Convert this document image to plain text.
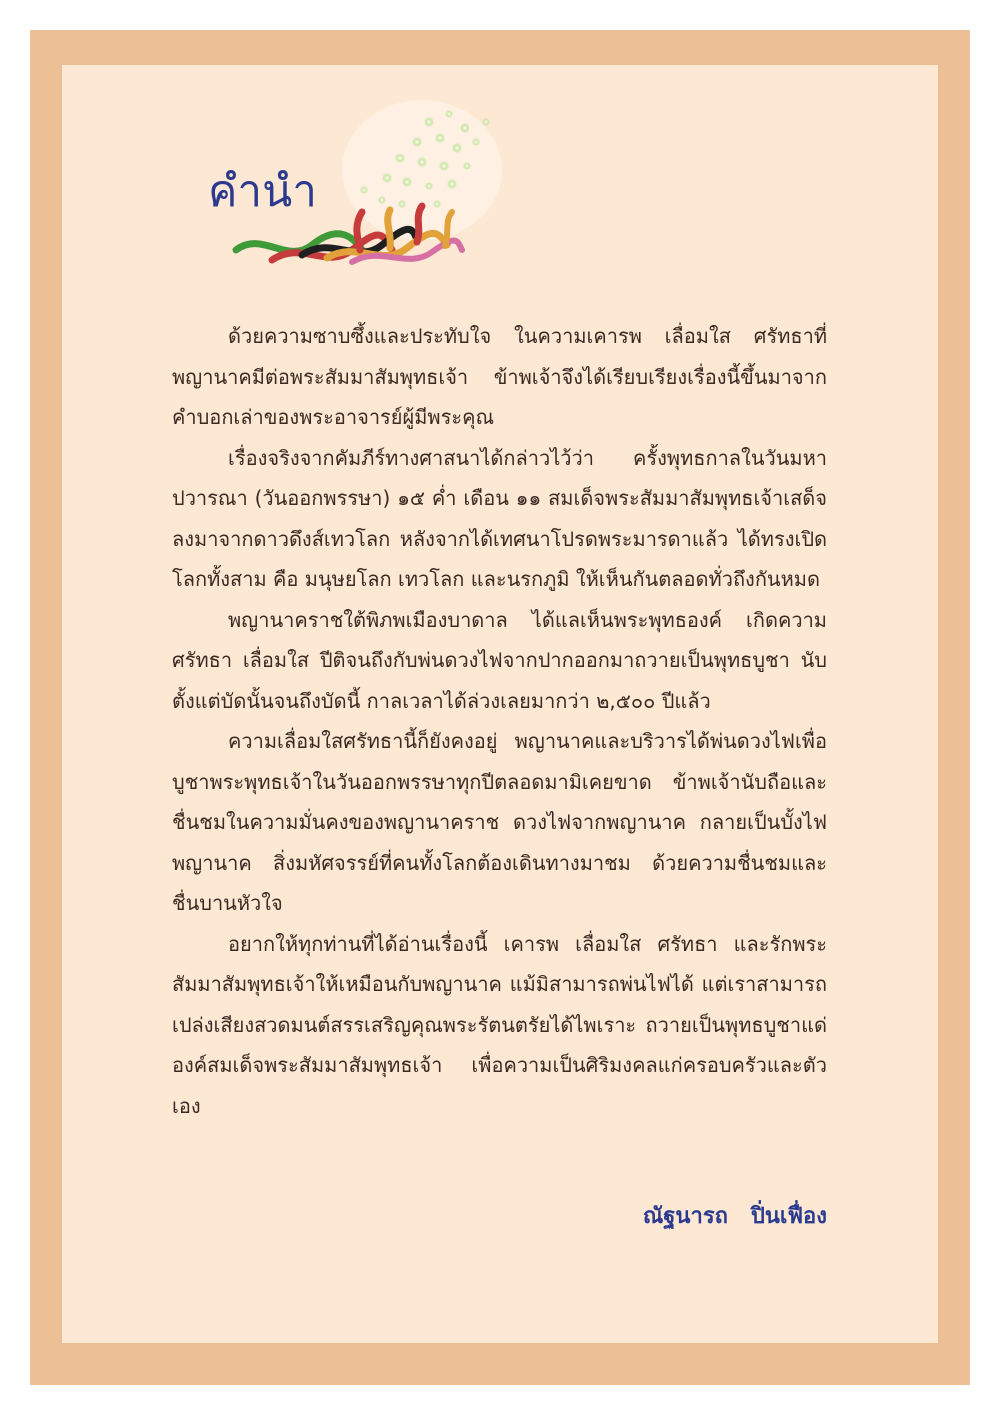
คำนำ

ด้วยความซาบซึ้งและประทับใจ ในความเคารพ เลื่อมใส ศรัทธาที่พญานาคมีต่อพระสัมมาสัมพุทธเจ้า ข้าพเจ้าจึงได้เรียบเรียงเรื่องนี้ขึ้นมาจากคำบอกเล่าของพระอาจารย์ผู้มีพระคุณ

เรื่องจริงจากคัมภีร์ทางศาสนาได้กล่าวไว้ว่า ครั้งพุทธกาลในวันมหาปวารณา (วันออกพรรษา) ๑๕ ค่ำ เดือน ๑๑ สมเด็จพระสัมมาสัมพุทธเจ้าเสด็จลงมาจากดาวดึงส์เทวโลก หลังจากได้เทศนาโปรดพระมารดาแล้ว ได้ทรงเปิดโลกทั้งสาม คือ มนุษยโลก เทวโลก และนรกภูมิ ให้เห็นกันตลอดทั่วถึงกันหมด

พญานาคราชใต้พิภพเมืองบาดาล ได้แลเห็นพระพุทธองค์ เกิดความศรัทธา เลื่อมใส ปีติจนถึงกับพ่นดวงไฟจากปากออกมาถวายเป็นพุทธบูชา นับตั้งแต่บัดนั้นจนถึงบัดนี้ กาลเวลาได้ล่วงเลยมากว่า ๒,๕๐๐ ปีแล้ว

ความเลื่อมใสศรัทธานี้ก็ยังคงอยู่ พญานาคและบริวารได้พ่นดวงไฟเพื่อบูชาพระพุทธเจ้าในวันออกพรรษาทุกปีตลอดมามิเคยขาด ข้าพเจ้านับถือและชื่นชมในความมั่นคงของพญานาคราช ดวงไฟจากพญานาค กลายเป็นบั้งไฟพญานาค สิ่งมหัศจรรย์ที่คนทั้งโลกต้องเดินทางมาชม ด้วยความชื่นชมและชื่นบานหัวใจ

อยากให้ทุกท่านที่ได้อ่านเรื่องนี้ เคารพ เลื่อมใส ศรัทธา และรักพระสัมมาสัมพุทธเจ้าให้เหมือนกับพญานาค แม้มิสามารถพ่นไฟได้ แต่เราสามารถเปล่งเสียงสวดมนต์สรรเสริญคุณพระรัตนตรัยได้ไพเราะ ถวายเป็นพุทธบูชาแด่องค์สมเด็จพระสัมมาสัมพุทธเจ้า เพื่อความเป็นศิริมงคลแก่ครอบครัวและตัวเอง

ณัฐนารถ   ปิ่นเฟื่อง
